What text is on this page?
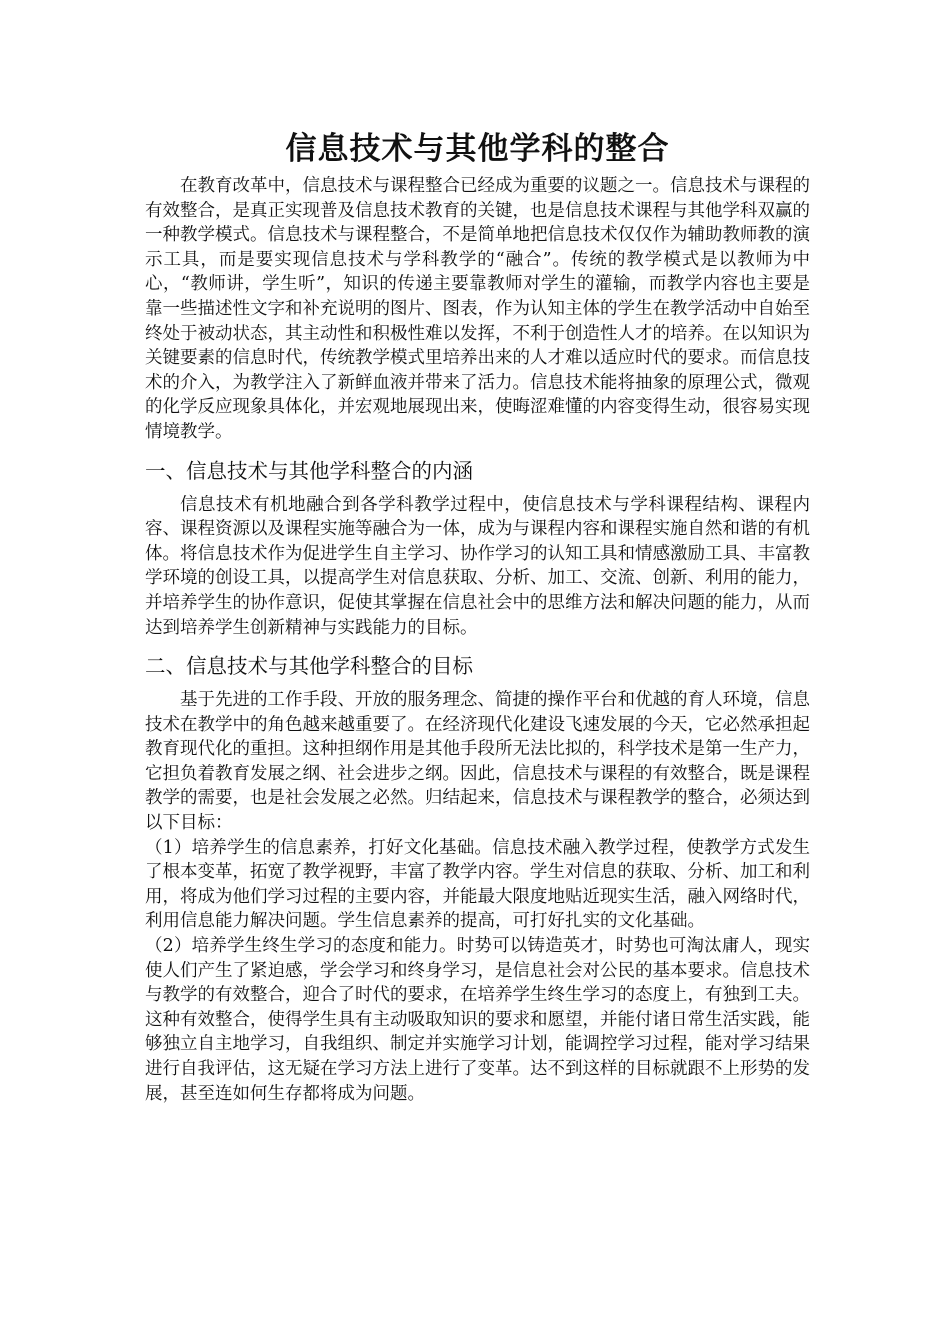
信息技术与其他学科的整合

在教育改革中，信息技术与课程整合已经成为重要的议题之一。信息技术与课程的有效整合，是真正实现普及信息技术教育的关键，也是信息技术课程与其他学科双赢的一种教学模式。信息技术与课程整合，不是简单地把信息技术仅仅作为辅助教师教的演示工具，而是要实现信息技术与学科教学的“融合”。传统的教学模式是以教师为中心，“教师讲，学生听”，知识的传递主要靠教师对学生的灌输，而教学内容也主要是靠一些描述性文字和补充说明的图片、图表，作为认知主体的学生在教学活动中自始至终处于被动状态，其主动性和积极性难以发挥，不利于创造性人才的培养。在以知识为关键要素的信息时代，传统教学模式里培养出来的人才难以适应时代的要求。而信息技术的介入，为教学注入了新鲜血液并带来了活力。信息技术能将抽象的原理公式，微观的化学反应现象具体化，并宏观地展现出来，使晦涩难懂的内容变得生动，很容易实现情境教学。

一、信息技术与其他学科整合的内涵

信息技术有机地融合到各学科教学过程中，使信息技术与学科课程结构、课程内容、课程资源以及课程实施等融合为一体，成为与课程内容和课程实施自然和谐的有机体。将信息技术作为促进学生自主学习、协作学习的认知工具和情感激励工具、丰富教学环境的创设工具，以提高学生对信息获取、分析、加工、交流、创新、利用的能力，并培养学生的协作意识，促使其掌握在信息社会中的思维方法和解决问题的能力，从而达到培养学生创新精神与实践能力的目标。

二、信息技术与其他学科整合的目标

基于先进的工作手段、开放的服务理念、简捷的操作平台和优越的育人环境，信息技术在教学中的角色越来越重要了。在经济现代化建设飞速发展的今天，它必然承担起教育现代化的重担。这种担纲作用是其他手段所无法比拟的，科学技术是第一生产力，它担负着教育发展之纲、社会进步之纲。因此，信息技术与课程的有效整合，既是课程教学的需要，也是社会发展之必然。归结起来，信息技术与课程教学的整合，必须达到以下目标：

（1）培养学生的信息素养，打好文化基础。信息技术融入教学过程，使教学方式发生了根本变革，拓宽了教学视野，丰富了教学内容。学生对信息的获取、分析、加工和利用，将成为他们学习过程的主要内容，并能最大限度地贴近现实生活，融入网络时代，利用信息能力解决问题。学生信息素养的提高，可打好扎实的文化基础。

（2）培养学生终生学习的态度和能力。时势可以铸造英才，时势也可淘汰庸人，现实使人们产生了紧迫感，学会学习和终身学习，是信息社会对公民的基本要求。信息技术与教学的有效整合，迎合了时代的要求，在培养学生终生学习的态度上，有独到工夫。这种有效整合，使得学生具有主动吸取知识的要求和愿望，并能付诸日常生活实践，能够独立自主地学习，自我组织、制定并实施学习计划，能调控学习过程，能对学习结果进行自我评估，这无疑在学习方法上进行了变革。达不到这样的目标就跟不上形势的发展，甚至连如何生存都将成为问题。
